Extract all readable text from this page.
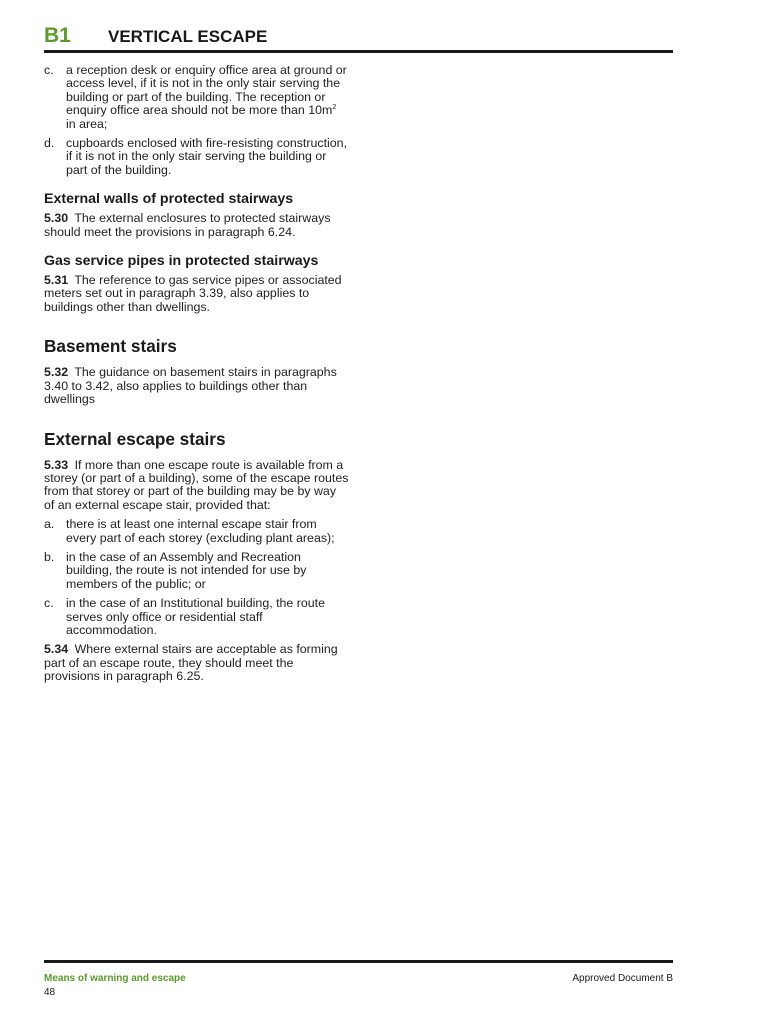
B1 VERTICAL ESCAPE
c. a reception desk or enquiry office area at ground or access level, if it is not in the only stair serving the building or part of the building. The reception or enquiry office area should not be more than $10m^2$ in area;
d. cupboards enclosed with fire-resisting construction, if it is not in the only stair serving the building or part of the building.
External walls of protected stairways

5.30 The external enclosures to protected stairways should meet the provisions in paragraph 6.24.

Gas service pipes in protected stairways

5.31 The reference to gas service pipes or associated meters set out in paragraph 3.39, also applies to buildings other than dwellings.

Basement stairs

5.32 The guidance on basement stairs in paragraphs 3.40 to 3.42, also applies to buildings other than dwellings

External escape stairs

5.33 If more than one escape route is available from a storey (or part of a building), some of the escape routes from that storey or part of the building may be by way of an external escape stair, provided that:

a. there is at least one internal escape stair from every part of each storey (excluding plant areas);
b. in the case of an Assembly and Recreation building, the route is not intended for use by members of the public; or
c. in the case of an Institutional building, the route serves only office or residential staff accommodation.

5.34 Where external stairs are acceptable as forming part of an escape route, they should meet the provisions in paragraph 6.25.

Means of warning and escape
48
Approved Document B
